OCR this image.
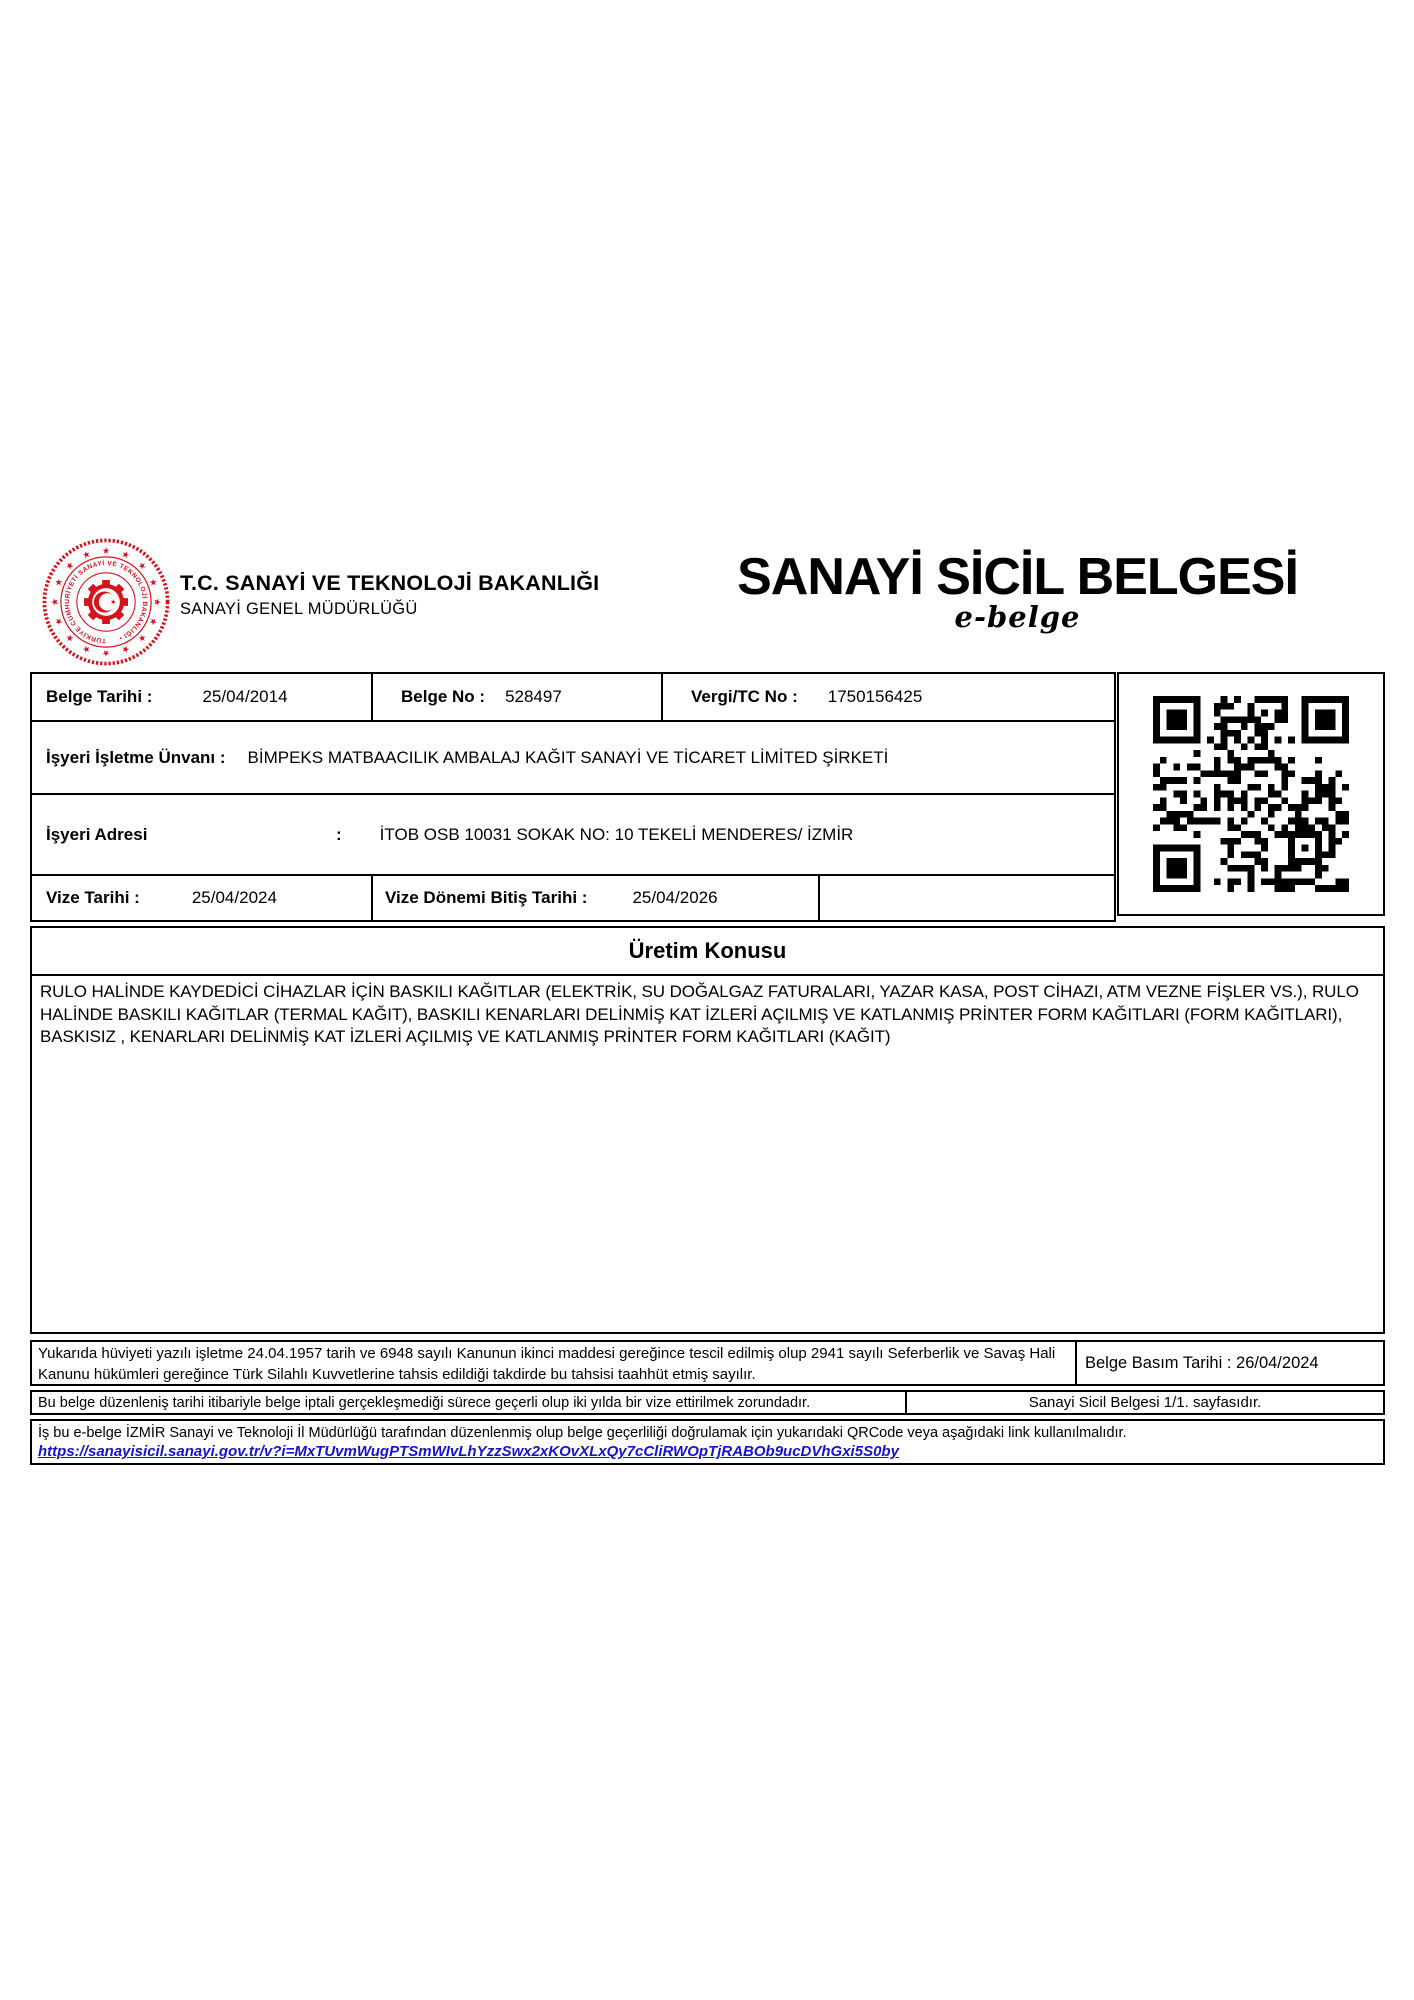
TÜRKİYE CUMHURİYETİ SANAYİ VE TEKNOLOJİ BAKANLIĞI •
T.C. SANAYİ VE TEKNOLOJİ BAKANLIĞI
SANAYİ GENEL MÜDÜRLÜĞÜ
SANAYİ SİCİL BELGESİ
e-belge
Belge Tarihi :	25/04/2014	Belge No : 528497	Vergi/TC No : 1750156425
İşyeri İşletme Ünvanı : BİMPEKS MATBAACILIK AMBALAJ KAĞIT SANAYİ VE TİCARET LİMİTED ŞİRKETİ
İşyeri Adresi	: İTOB OSB 10031 SOKAK NO: 10 TEKELİ MENDERES/ İZMİR
Vize Tarihi :	25/04/2024	Vize Dönemi Bitiş Tarihi :	25/04/2026
Üretim Konusu
RULO HALİNDE KAYDEDİCİ CİHAZLAR İÇİN BASKILI KAĞITLAR (ELEKTRİK, SU DOĞALGAZ FATURALARI, YAZAR KASA, POST CİHAZI, ATM VEZNE FİŞLER VS.), RULO HALİNDE BASKILI KAĞITLAR (TERMAL KAĞIT), BASKILI KENARLARI DELİNMİŞ KAT İZLERİ AÇILMIŞ VE KATLANMIŞ PRİNTER FORM KAĞITLARI (FORM KAĞITLARI), BASKISIZ , KENARLARI DELİNMİŞ KAT İZLERİ AÇILMIŞ VE KATLANMIŞ PRİNTER FORM KAĞITLARI (KAĞIT)
Yukarıda hüviyeti yazılı işletme 24.04.1957 tarih ve 6948 sayılı Kanunun ikinci maddesi gereğince tescil edilmiş olup 2941 sayılı Seferberlik ve Savaş Hali Kanunu hükümleri gereğince Türk Silahlı Kuvvetlerine tahsis edildiği takdirde bu tahsisi taahhüt etmiş sayılır.
Belge Basım Tarihi : 26/04/2024
Bu belge düzenleniş tarihi itibariyle belge iptali gerçekleşmediği sürece geçerli olup iki yılda bir vize ettirilmek zorundadır.	Sanayi Sicil Belgesi 1/1. sayfasıdır.
İş bu e-belge İZMİR Sanayi ve Teknoloji İl Müdürlüğü tarafından düzenlenmiş olup belge geçerliliği doğrulamak için yukarıdaki QRCode veya aşağıdaki link kullanılmalıdır.
https://sanayisicil.sanayi.gov.tr/v?i=MxTUvmWugPTSmWIvLhYzzSwx2xKOvXLxQy7cCliRWOpTjRABOb9ucDVhGxi5S0by
